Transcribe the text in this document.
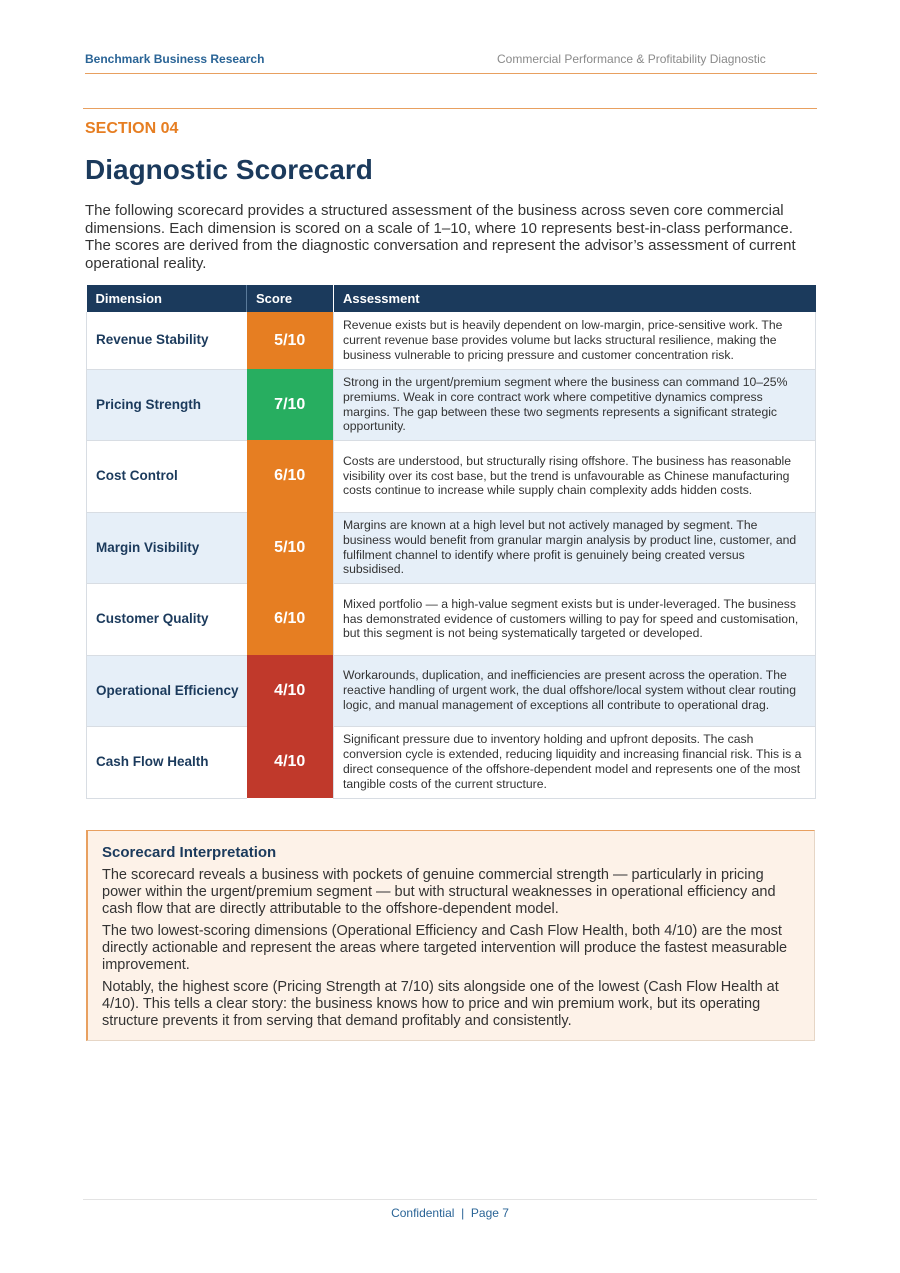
Benchmark Business Research	Commercial Performance & Profitability Diagnostic
SECTION 04
Diagnostic Scorecard
The following scorecard provides a structured assessment of the business across seven core commercial dimensions. Each dimension is scored on a scale of 1–10, where 10 represents best-in-class performance. The scores are derived from the diagnostic conversation and represent the advisor’s assessment of current operational reality.
Dimension	Score	Assessment
Revenue Stability	5/10	Revenue exists but is heavily dependent on low-margin, price-sensitive work. The current revenue base provides volume but lacks structural resilience, making the business vulnerable to pricing pressure and customer concentration risk.
Pricing Strength	7/10	Strong in the urgent/premium segment where the business can command 10–25% premiums. Weak in core contract work where competitive dynamics compress margins. The gap between these two segments represents a significant strategic opportunity.
Cost Control	6/10	Costs are understood, but structurally rising offshore. The business has reasonable visibility over its cost base, but the trend is unfavourable as Chinese manufacturing costs continue to increase while supply chain complexity adds hidden costs.
Margin Visibility	5/10	Margins are known at a high level but not actively managed by segment. The business would benefit from granular margin analysis by product line, customer, and fulfilment channel to identify where profit is genuinely being created versus subsidised.
Customer Quality	6/10	Mixed portfolio — a high-value segment exists but is under-leveraged. The business has demonstrated evidence of customers willing to pay for speed and customisation, but this segment is not being systematically targeted or developed.
Operational Efficiency	4/10	Workarounds, duplication, and inefficiencies are present across the operation. The reactive handling of urgent work, the dual offshore/local system without clear routing logic, and manual management of exceptions all contribute to operational drag.
Cash Flow Health	4/10	Significant pressure due to inventory holding and upfront deposits. The cash conversion cycle is extended, reducing liquidity and increasing financial risk. This is a direct consequence of the offshore-dependent model and represents one of the most tangible costs of the current structure.
Scorecard Interpretation

The scorecard reveals a business with pockets of genuine commercial strength — particularly in pricing power within the urgent/premium segment — but with structural weaknesses in operational efficiency and cash flow that are directly attributable to the offshore-dependent model.

The two lowest-scoring dimensions (Operational Efficiency and Cash Flow Health, both 4/10) are the most directly actionable and represent the areas where targeted intervention will produce the fastest measurable improvement.

Notably, the highest score (Pricing Strength at 7/10) sits alongside one of the lowest (Cash Flow Health at 4/10). This tells a clear story: the business knows how to price and win premium work, but its operating structure prevents it from serving that demand profitably and consistently.

Confidential  |  Page 7
